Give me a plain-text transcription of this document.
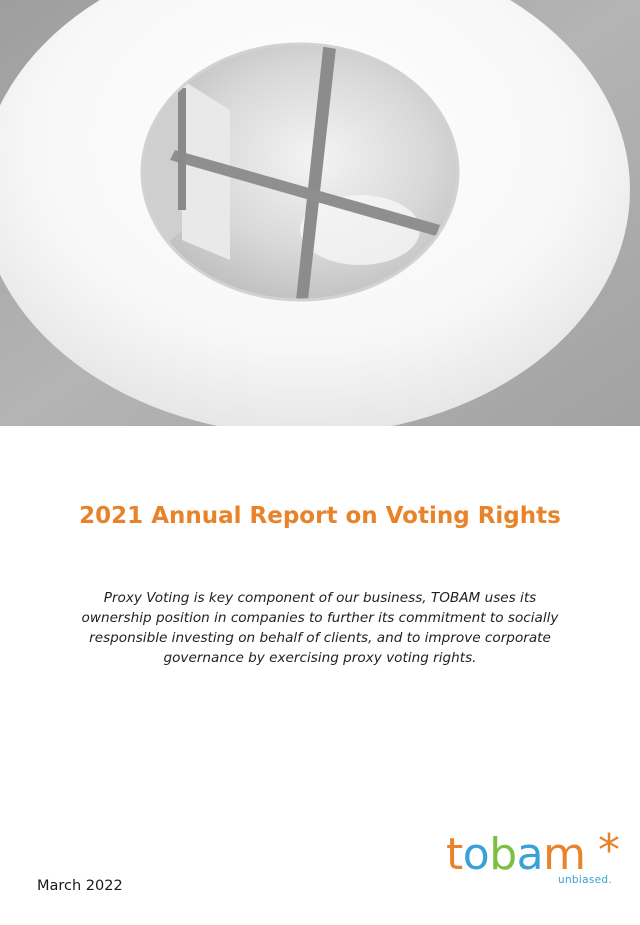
2021 Annual Report on Voting Rights

Proxy Voting is key component of our business, TOBAM uses its ownership position in companies to further its commitment to socially responsible investing on behalf of clients, and to improve corporate governance by exercising proxy voting rights.

March 2022
tobam *
unbiased.
